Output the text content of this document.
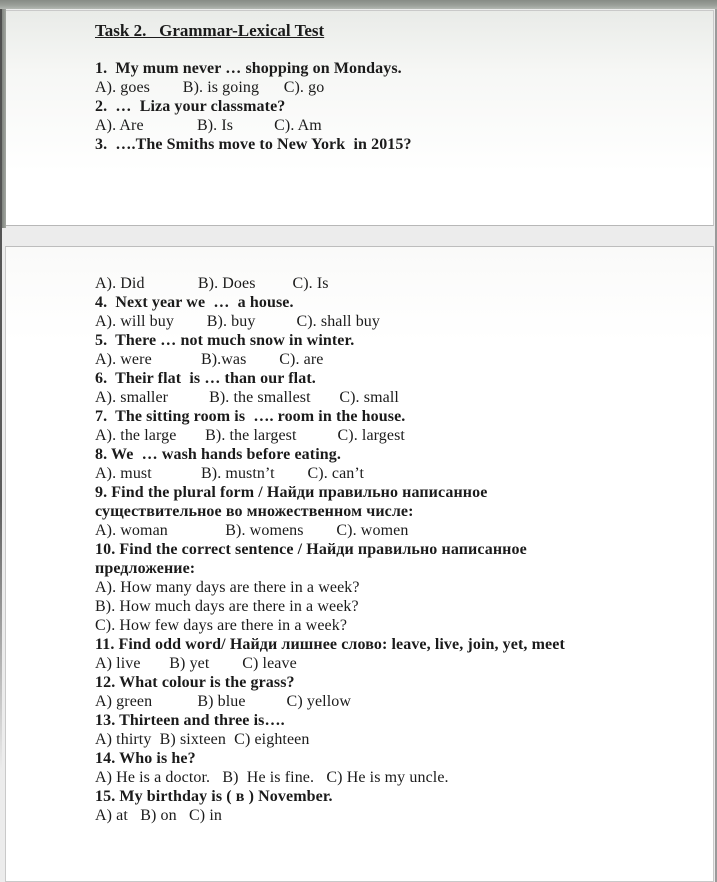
Task 2.   Grammar-Lexical Test
1.  My mum never … shopping on Mondays.
A). goes        B). is going      C). go
2.  …  Liza your classmate?
A). Are             B). Is          C). Am
3.  ….The Smiths move to New York  in 2015?
A). Did             B). Does         C). Is
4.  Next year we  …  a house.
A). will buy        B). buy          C). shall buy
5.  There … not much snow in winter.
A). were            B).was        C). are
6.  Their flat  is … than our flat.
A). smaller          B). the smallest       C). small
7.  The sitting room is  …. room in the house.
A). the large       B). the largest          C). largest
8. We  … wash hands before eating.
A). must            B). mustn’t        C). can’t
9. Find the plural form / Найди правильно написанное
существительное во множественном числе:
A). woman              B). womens        C). women
10. Find the correct sentence / Найди правильно написанное
предложение:
A). How many days are there in a week?
B). How much days are there in a week?
C). How few days are there in a week?
11. Find odd word/ Найди лишнее слово: leave, live, join, yet, meet
A) live       B) yet        C) leave
12. What colour is the grass?
A) green           B) blue          C) yellow
13. Thirteen and three is….
A) thirty  B) sixteen  C) eighteen
14. Who is he?
A) He is a doctor.   B)  He is fine.   C) He is my uncle.
15. My birthday is ( в ) November.
A) at   B) on   C) in
